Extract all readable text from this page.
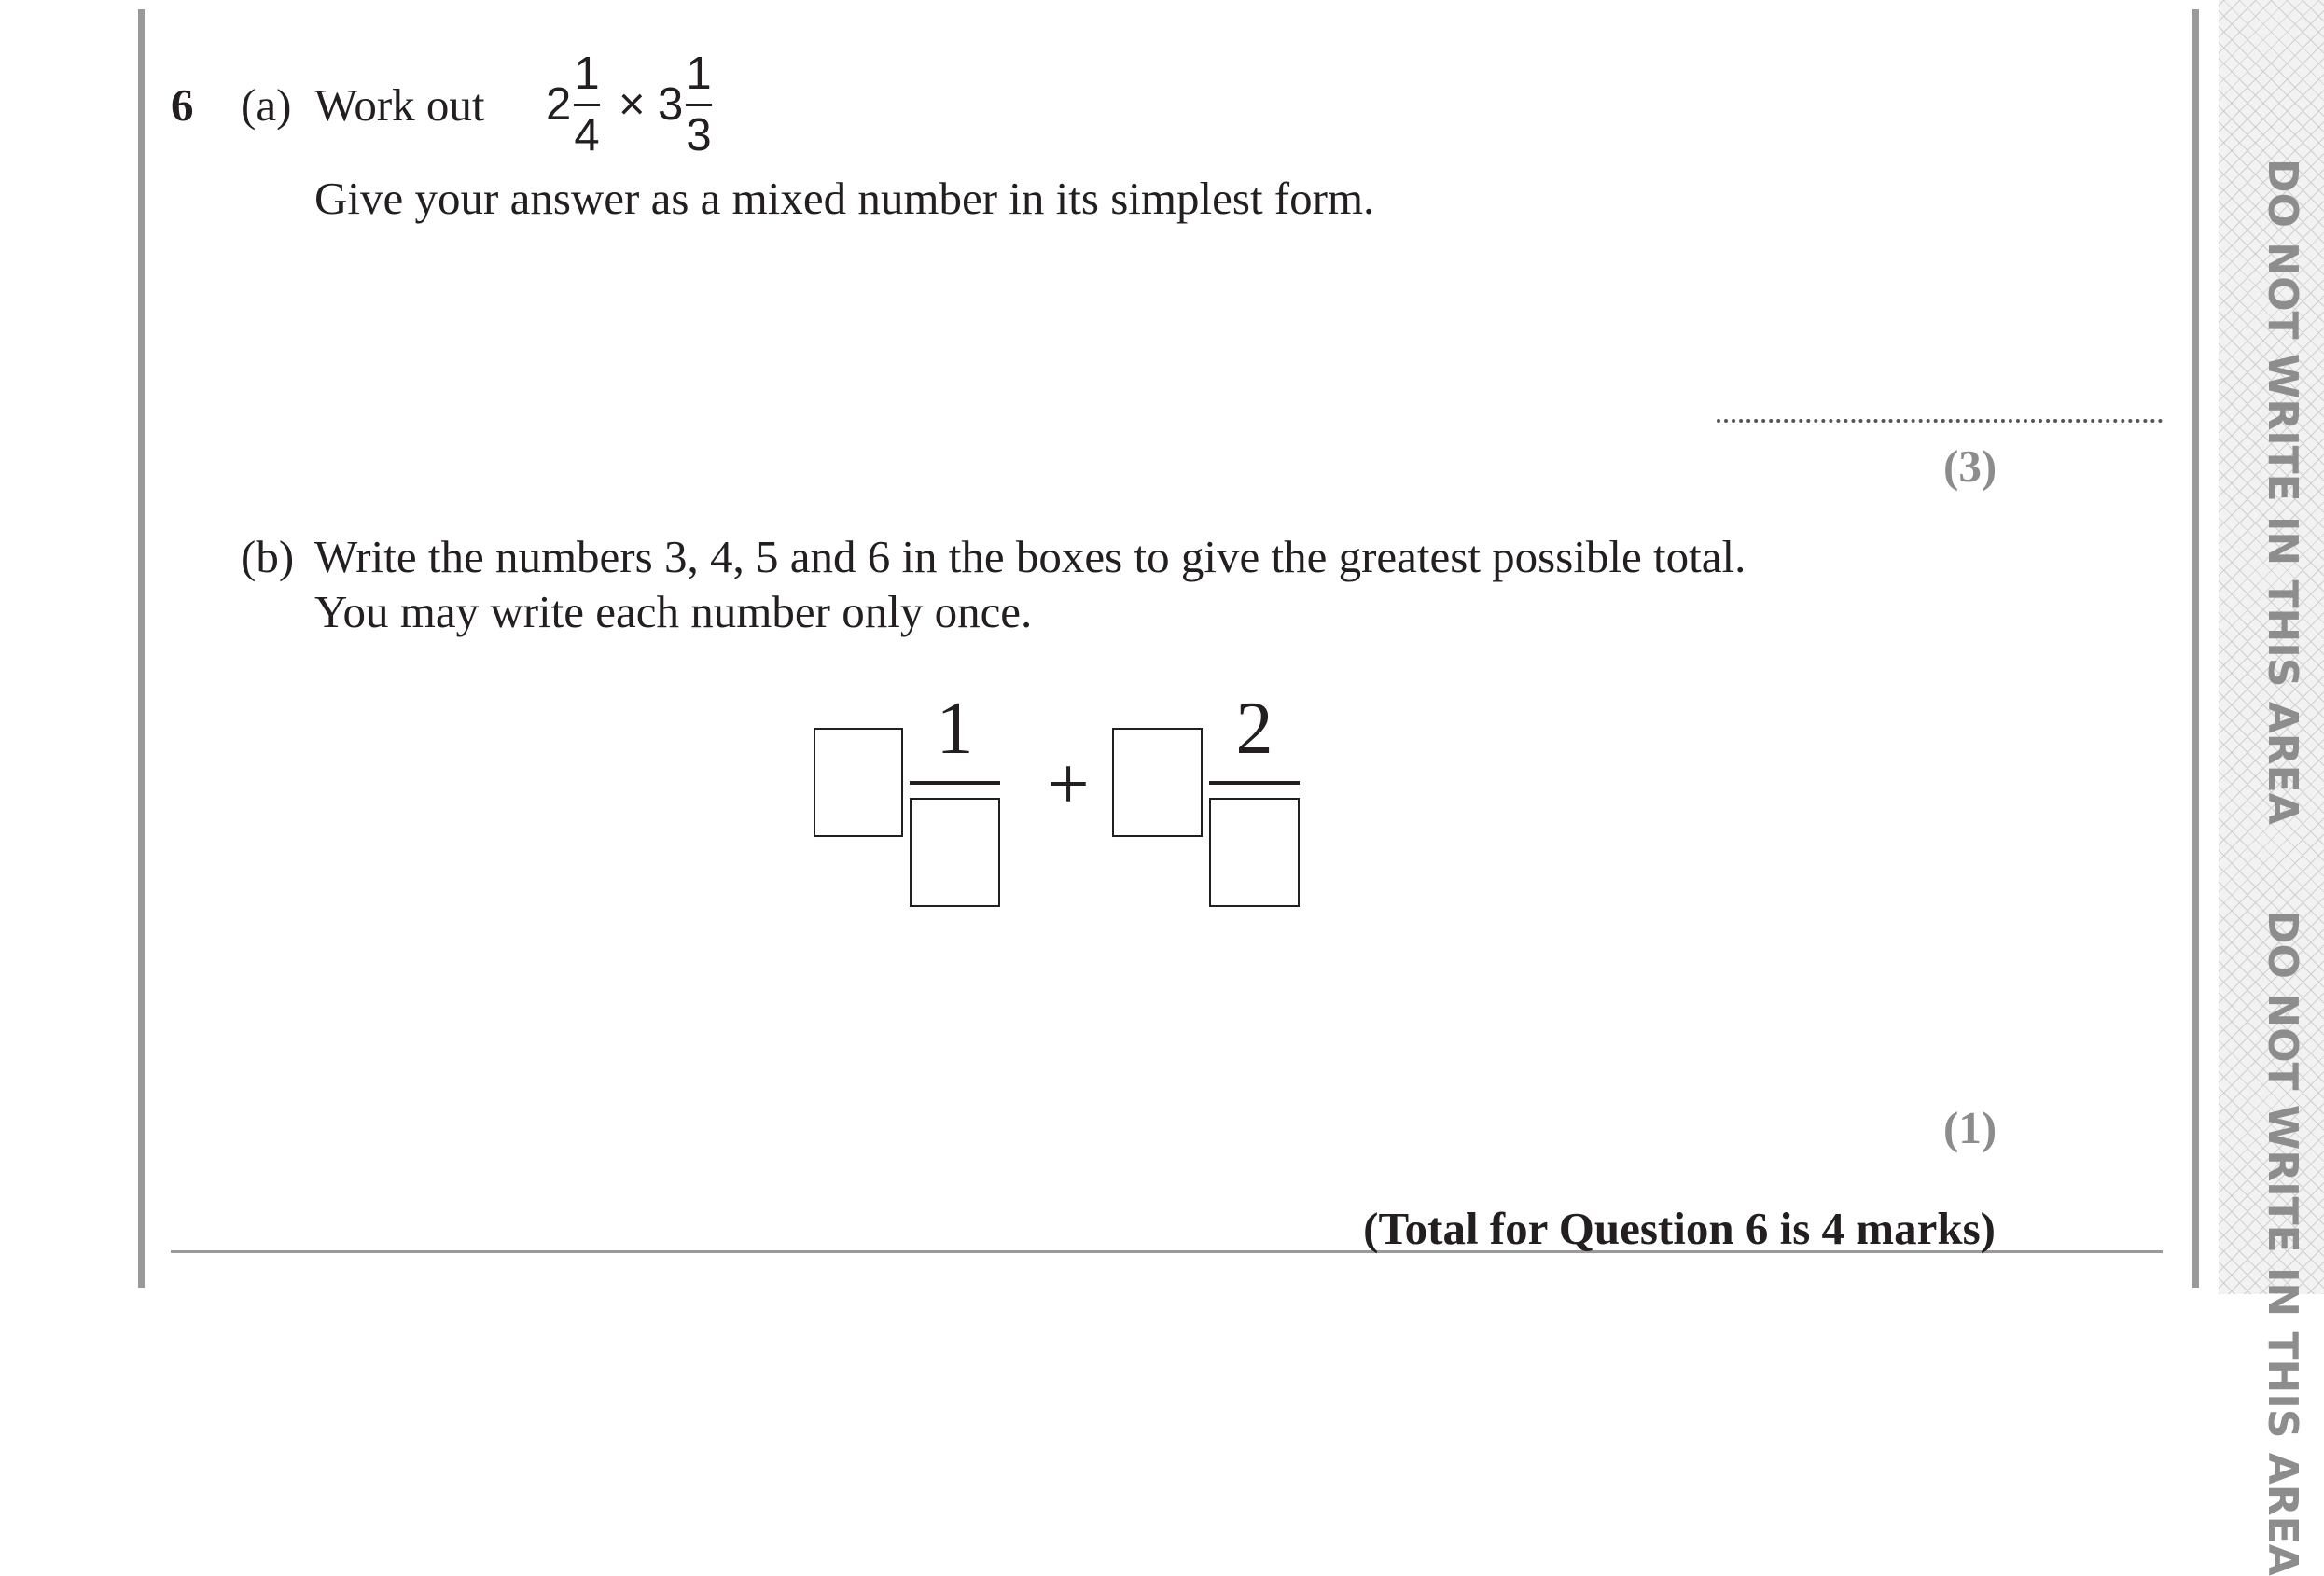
DO NOT WRITE IN THIS AREA
DO NOT WRITE IN THIS AREA
6 (a) Work out 2
1
4
× 3
1
3
Give your answer as a mixed number in its simplest form.
(3)
(b) Write the numbers 3, 4, 5 and 6 in the boxes to give the greatest possible total.
You may write each number only once.
1
+
2
(1)
(Total for Question 6 is 4 marks)
